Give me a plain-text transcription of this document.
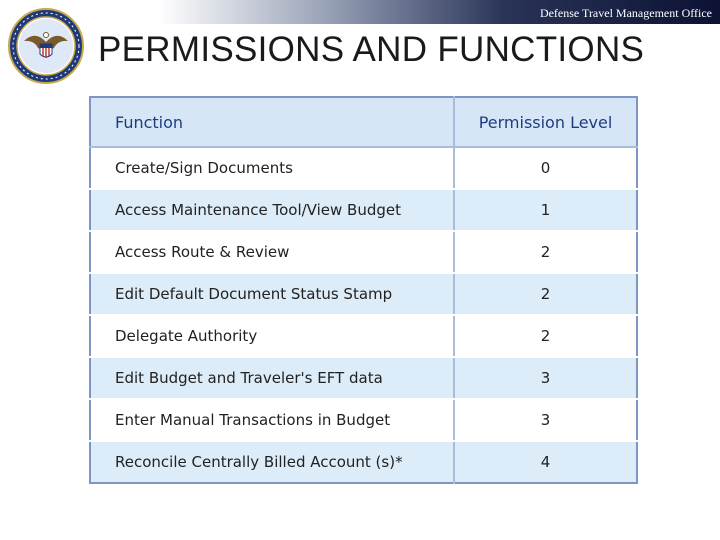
Defense Travel Management Office
PERMISSIONS AND FUNCTIONS
Function	Permission Level
Create/Sign Documents	0
Access Maintenance Tool/View Budget	1
Access Route & Review	2
Edit Default Document Status Stamp	2
Delegate Authority	2
Edit Budget and Traveler's EFT data	3
Enter Manual Transactions in Budget	3
Reconcile Centrally Billed Account (s)*	4
